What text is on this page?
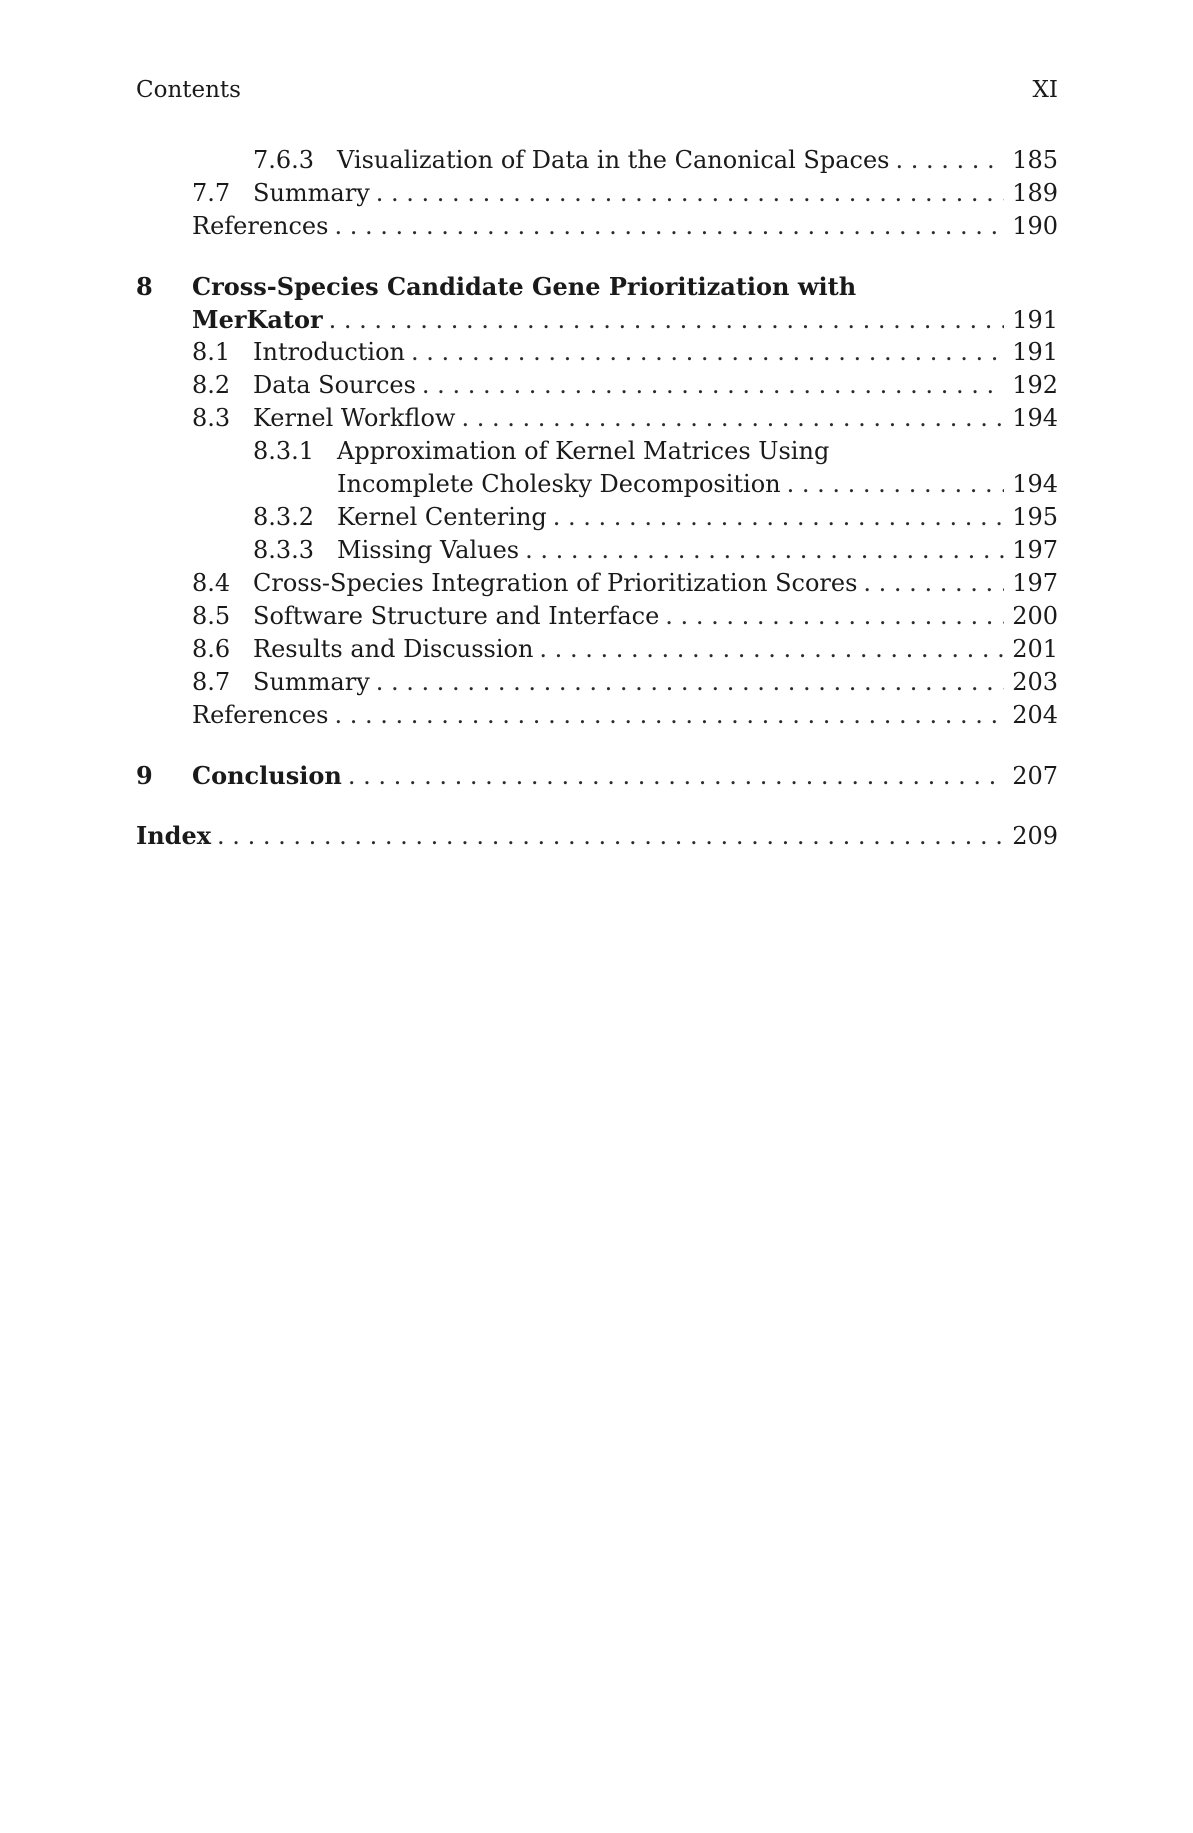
Contents	XI
7.6.3 Visualization of Data in the Canonical Spaces . . .	185
7.7 Summary . . .	189
References . . .	190
8 Cross-Species Candidate Gene Prioritization with
MerKator . . .	191
8.1 Introduction . . .	191
8.2 Data Sources . . .	192
8.3 Kernel Workflow . . .	194
8.3.1 Approximation of Kernel Matrices Using
Incomplete Cholesky Decomposition . . .	194
8.3.2 Kernel Centering . . .	195
8.3.3 Missing Values . . .	197
8.4 Cross-Species Integration of Prioritization Scores . . .	197
8.5 Software Structure and Interface . . .	200
8.6 Results and Discussion . . .	201
8.7 Summary . . .	203
References . . .	204
9 Conclusion . . .	207
Index . . .	209
